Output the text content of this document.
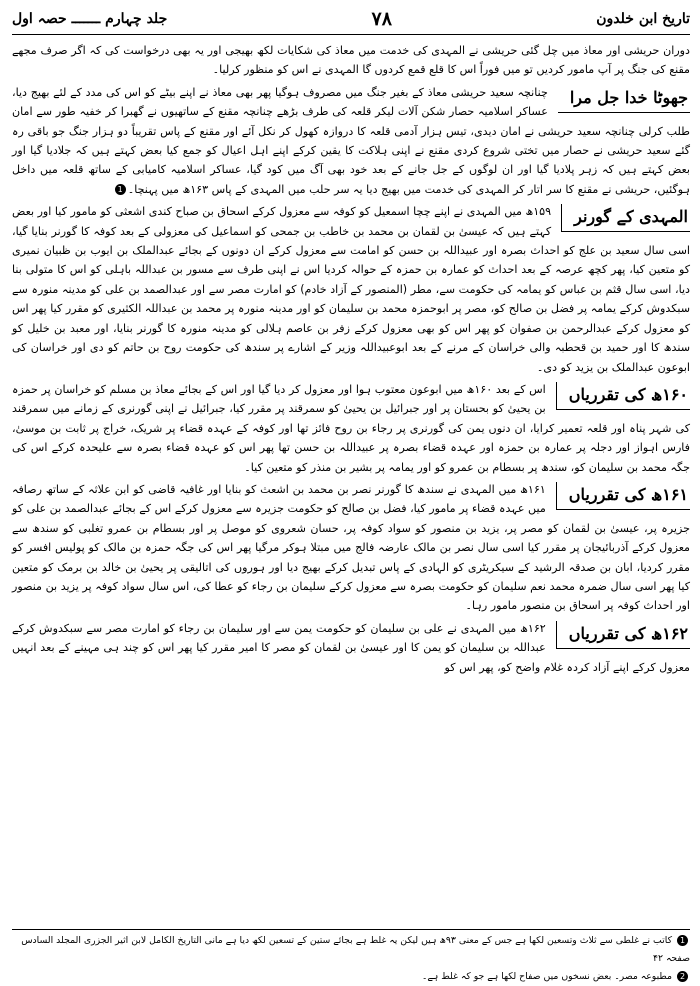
تاریخ ابن خلدون
۷۸
جلد چہارم ـــــــ حصہ اول

دوران حریشی اور معاذ میں چل گئی حریشی نے المہدی کی خدمت میں معاذ کی شکایات لکھ بھیجی اور یہ بھی درخواست کی کہ اگر صرف مجھے مقنع کی جنگ پر آپ مامور کردیں تو میں فوراً اس کا قلع قمع کردوں گا المہدی نے اس کو منظور کرلیا۔

جھوٹا خدا جل مرا

چنانچہ سعید حریشی معاذ کے بغیر جنگ میں مصروف ہوگیا پھر بھی معاذ نے اپنے بیٹے کو اس کی مدد کے لئے بھیج دیا، عساکر اسلامیہ حصار شکن آلات لیکر قلعہ کی طرف بڑھے چنانچہ مقنع کے ساتھیوں نے گھبرا کر خفیہ طور سے امان طلب کرلی چنانچہ سعید حریشی نے امان دیدی، تیس ہزار آدمی قلعہ کا دروازہ کھول کر نکل آئے اور مقنع کے پاس تقریباً دو ہزار جنگ جو باقی رہ گئے سعید حریشی نے حصار میں تختی شروع کردی مقنع نے اپنی ہلاکت کا یقین کرکے اپنے اہل اعیال کو جمع کیا بعض کہتے ہیں کہ جلادیا گیا اور بعض کہتے ہیں کہ زہر پلادیا گیا اور ان لوگوں کے جل جانے کے بعد خود بھی آگ میں کود گیا، عساکر اسلامیہ کامیابی کے ساتھ قلعہ میں داخل ہوگئیں، حریشی نے مقنع کا سر اتار کر المہدی کی خدمت میں بھیج دیا یہ سر حلب میں المہدی کے پاس ۱۶۳ھ میں پہنچا۔1

المہدی کے گورنر

۱۵۹ھ میں المہدی نے اپنے چچا اسمعیل کو کوفہ سے معزول کرکے اسحاق بن صباح کندی اشعثی کو مامور کیا اور بعض کہتے ہیں کہ عیسیٰ بن لقمان بن محمد بن خاطب بن جمحی کو اسماعیل کی معزولی کے بعد کوفہ کا گورنر بنایا گیا، اسی سال سعید بن علج کو احداث بصرہ اور عبیداللہ بن حسن کو امامت سے معزول کرکے ان دونوں کے بجائے عبدالملک بن ایوب بن ظبیان نمیری کو متعین کیا، پھر کچھ عرصہ کے بعد احداث کو عمارہ بن حمزہ کے حوالہ کردیا اس نے اپنی طرف سے مسور بن عبداللہ باہلی کو اس کا متولی بنا دیا، اسی سال قثم بن عباس کو یمامہ کی حکومت سے، مطر (المنصور کے آزاد خادم) کو امارت مصر سے اور عبدالصمد بن علی کو مدینہ منورہ سے سبکدوش کرکے یمامہ پر فضل بن صالح کو، مصر پر ابوحمزہ محمد بن سلیمان کو اور مدینہ منورہ پر محمد بن عبداللہ الکثیری کو مقرر کیا پھر اس کو معزول کرکے عبدالرحمن بن صفوان کو پھر اس کو بھی معزول کرکے زفر بن عاصم ہلالی کو مدینہ منورہ کا گورنر بنایا، اور معبد بن خلیل کو سندھ کا اور حمید بن قحطبہ والی خراسان کے مرنے کے بعد ابوعبیداللہ وزیر کے اشارے پر سندھ کی حکومت روح بن حاتم کو دی اور خراسان کی ابوعون عبدالملک بن یزید کو دی۔

۱۶۰ھ کی تقرریاں

اس کے بعد ۱۶۰ھ میں ابوعون معتوب ہوا اور معزول کر دیا گیا اور اس کے بجائے معاذ بن مسلم کو خراسان پر حمزہ بن یحییٰ کو بحستان پر اور جبرائیل بن یحییٰ کو سمرقند پر مقرر کیا، جبرائیل نے اپنی گورنری کے زمانے میں سمرقند کی شہر پناہ اور قلعہ تعمیر کرایا، ان دنوں یمن کی گورنری پر رجاء بن روح فائز تھا اور کوفہ کے عہدہ قضاء پر شریک، خراج پر ثابت بن موسیٰ، فارس اہواز اور دجلہ پر عمارہ بن حمزہ اور عہدہ قضاء بصرہ پر عبیداللہ بن حسن تھا پھر اس کو عہدہ قضاء بصرہ سے علیحدہ کرکے اس کی جگہ محمد بن سلیمان کو، سندھ پر بسطام بن عمرو کو اور یمامہ پر بشیر بن منذر کو متعین کیا۔

۱۶۱ھ کی تقرریاں

۱۶۱ھ میں المہدی نے سندھ کا گورنر نصر بن محمد بن اشعث کو بنایا اور غافیہ قاضی کو ابن علاثہ کے ساتھ رصافہ میں عہدہ قضاء پر مامور کیا، فضل بن صالح کو حکومت جزیرہ سے معزول کرکے اس کے بجائے عبدالصمد بن علی کو جزیرہ پر، عیسیٰ بن لقمان کو مصر پر، یزید بن منصور کو سواد کوفہ پر، حسان شعروی کو موصل پر اور بسطام بن عمرو تغلبی کو سندھ سے معزول کرکے آذربائیجان پر مقرر کیا اسی سال نصر بن مالک عارضہ فالج میں مبتلا ہوکر مرگیا پھر اس کی جگہ حمزہ بن مالک کو پولیس افسر کو مقرر کردیا، ابان بن صدقہ الرشید کے سیکریٹری کو الہادی کے پاس تبدیل کرکے بھیج دیا اور ہوروں کی اتالیقی پر یحییٰ بن خالد بن برمک کو متعین کیا پھر اسی سال ضمرہ محمد نعم سلیمان کو حکومت بصرہ سے معزول کرکے سلیمان بن رجاء کو عطا کی، اس سال سواد کوفہ پر یزید بن منصور اور احداث کوفہ پر اسحاق بن منصور مامور رہا۔

۱۶۲ھ کی تقرریاں

۱۶۲ھ میں المہدی نے علی بن سلیمان کو حکومت یمن سے اور سلیمان بن رجاء کو امارت مصر سے سبکدوش کرکے عبداللہ بن سلیمان کو یمن کا اور عیسیٰ بن لقمان کو مصر کا امیر مقرر کیا پھر اس کو چند ہی مہینے کے بعد انہیں معزول کرکے اپنے آزاد کردہ غلام واضح کو، پھر اس کو

1 کاتب نے غلطی سے ثلاث وتسعین لکھا ہے جس کے معنی ۹۳ھ ہیں لیکن یہ غلط ہے بجائے ستین کے تسعین لکھ دیا ہے مانی التاریخ الکامل لابن اثیر الجزری المجلد السادس صفحہ ۴۲

2 مطبوعہ مصر۔ بعض نسخوں میں صفاح لکھا ہے جو کہ غلط ہے۔
